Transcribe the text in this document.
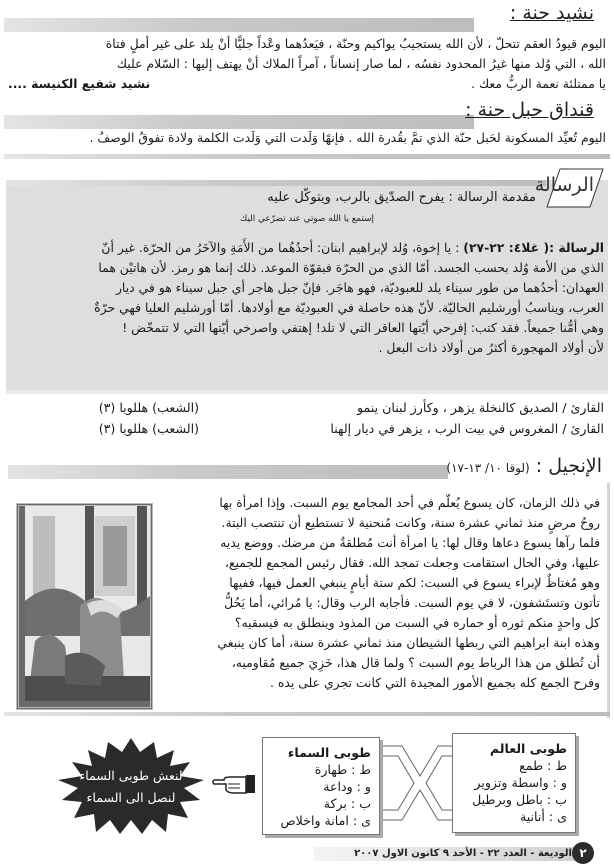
نشيد حنة :
اليوم قيودُ العقم تتحلّ ، لأن الله يستجيبُ يواكيم وحنّة ، فيَعدُهما وعْداً جليًّا أنْ يلد على غير أملٍ فتاة
الله ، التي وُلد منها غيرُ المحدود نفسُه ، لما صار إنساناً ، آمراً الملاك أنْ يهتف إليها : السّلام عليك
يا ممتلئة نعمة الربُّ معك .
نشيد شفيع الكنيسة ....
قنداق حبل حنة :
اليوم تُعيِّد المسكونة لحَبل حنّة الذي تمَّ بقُدرة الله . فإنهًا وَلَدت التي وَلَدت الكلمة ولادة تفوقُ الوصفُ .
الرسالة
مقدمة الرسالة : يفرح الصدّيق بالرب، ويتوكّل عليه
إستمع يا الله صوتي عند تضرّعي اليك
الرسالة :( غلا٤: ٢٢-٢٧) : يا إخوة، وُلد لإبراهيم ابنان: أحدُهُما من الأَمَةِ والآخَرُ من الحرّة. غير أنّ
الذي من الأمة وُلد بحسب الجسد. أمّا الذي من الحرّة فبقوّة الموعد. ذلك إنما هو رمز. لأن هاتيْن هما
العهدان: أحدُهما من طور سيناء يلد للعبوديّة، فهو هاجَر. فإنّ جبل هاجر أي جبل سيناء هو في ديار
العرب، ويناسبُ أورشليم الحاليّة. لأنّ هذه حاصلة في العبوديّة مع أولادها. أمّا أورشليم العليا فهي حرّةٌ
وهي أمُّنا جميعاً. فقد كتب: إفرحي أيّتها العاقر التي لا تلد! إهتفي واصرخي أيّتها التي لا تتمخّض !
لأن أولاد المهجورة أكثرُ من أولاد ذات البعل .
القارئ / الصديق كالنخلة يزهر ، وكأرز لبنان ينمو
(الشعب) هللويا (٣)
القارئ / المغروس في بيت الرب ، يزهر في ديار إلهنا
(الشعب) هللويا (٣)
الإنجيل : (لوقا ١٠/ ١٣-١٧)
في ذلك الزمان، كان يسوع يُعلّم في أحد المجامع يوم السبت. وإذا امرأة بها
روحُ مرضٍ منذ ثماني عشرة سنة، وكانت مُنحنية لا تستطيع أن تنتصب البتة.
فلما رآها يسوع دعاها وقال لها: يا امرأة أنت مُطلقةٌ من مرضك. ووضع يديه
عليها، وفي الحال استقامت وجعلت تمجد الله. فقال رئيس المجمع للجميع،
وهو مُغتاظٌ لإبراء يسوع في السبت: لكم ستة أيامٍ ينبغي العمل فيها، ففيها
تأتون وتستَشفون، لا في يوم السبت. فأجابه الرب وقال: يا مُرائي، أما يَحُلُّ
كل واحدٍ منكم ثوره أو حماره في السبت من المذود وينطلق به فيسقيه؟
وهذه ابنة ابراهيم التي ربطها الشيطان منذ ثماني عشرة سنة، أما كان ينبغي
أن تُطلق من هذا الرباط يوم السبت ؟ ولما قال هذا، خَزِيَ جميع مُقاوميه،
وفرح الجمع كله بجميع الأمور المجيدة التي كانت تجري على يده .
طوبى العالم
ط : طمع
و : واسطة وتزوير
ب : باطل وبرطيل
ى : أنانية
طوبى السماء
ط : طهارة
و : وداعة
ب : بركة
ى : امانة واخلاص
لنعش طوبى السماء
لنصل الى السماء
الوديعة - العدد ٢٢ - الأحد ٩ كانون الاول ٢٠٠٧ ٢
